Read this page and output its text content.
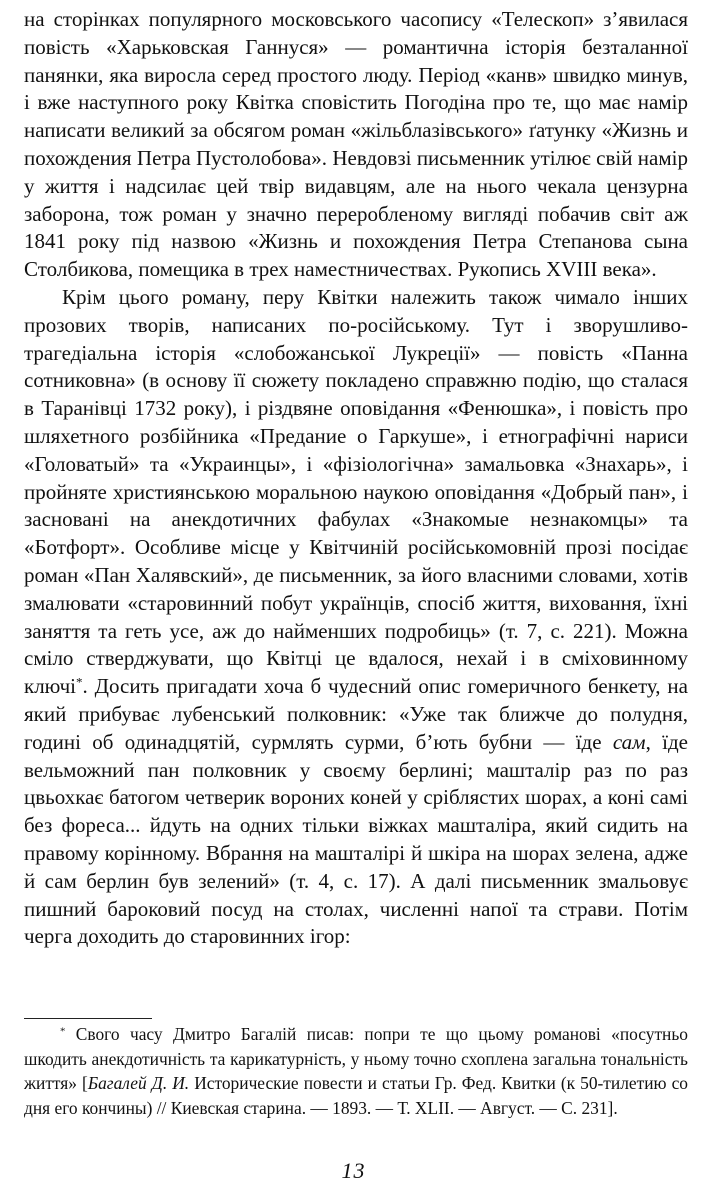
на сторінках популярного московського часопису «Телескоп» з’явилася повість «Харьковская Ганнуся» — романтична історія безталанної панянки, яка виросла серед простого люду. Період «канв» швидко минув, і вже наступного року Квітка сповістить Погодіна про те, що має намір написати великий за обсягом роман «жільблазівського» ґатунку «Жизнь и похождения Петра Пустолобова». Невдовзі письменник утілює свій намір у життя і надсилає цей твір видавцям, але на нього чекала цензурна заборона, тож роман у значно переробленому вигляді побачив світ аж 1841 року під назвою «Жизнь и похождения Петра Степанова сына Столбикова, помещика в трех наместничествах. Рукопись XVIII века».

Крім цього роману, перу Квітки належить також чимало інших прозових творів, написаних по-російському. Тут і зворушливо-трагедіальна історія «слобожанської Лукреції» — повість «Панна сотниковна» (в основу її сюжету покладено справжню подію, що сталася в Таранівці 1732 року), і різдвяне оповідання «Фенюшка», і повість про шляхетного розбійника «Предание о Гаркуше», і етнографічні нариси «Головатый» та «Украинцы», і «фізіологічна» замальовка «Знахарь», і пройняте християнською моральною наукою оповідання «Добрый пан», і засновані на анекдотичних фабулах «Знакомые незнакомцы» та «Ботфорт». Особливе місце у Квітчиній російськомовній прозі посідає роман «Пан Халявский», де письменник, за його власними словами, хотів змалювати «старовинний побут українців, спосіб життя, виховання, їхні заняття та геть усе, аж до найменших подробиць» (т. 7, с. 221). Можна сміло стверджувати, що Квітці це вдалося, нехай і в сміховинному ключі*. Досить пригадати хоча б чудесний опис гомеричного бенкету, на який прибуває лубенський полковник: «Уже так ближче до полудня, годині об одинадцятій, сурмлять сурми, б’ють бубни — їде сам, їде вельможний пан полковник у своєму берлині; машталір раз по раз цвьохкає батогом четверик вороних коней у сріблястих шорах, а коні самі без фореса... йдуть на одних тільки віжках машталіра, який сидить на правому корінному. Вбрання на машталірі й шкіра на шорах зелена, адже й сам берлин був зелений» (т. 4, с. 17). А далі письменник змальовує пишний бароковий посуд на столах, численні напої та страви. Потім черга доходить до старовинних ігор:

* Свого часу Дмитро Багалій писав: попри те що цьому романові «посутньо шкодить анекдотичність та карикатурність, у ньому точно схоплена загальна тональність життя» [Багалей Д. И. Исторические повести и статьи Гр. Фед. Квитки (к 50-тилетию со дня его кончины) // Киевская старина. — 1893. — Т. XLII. — Август. — С. 231].

13
